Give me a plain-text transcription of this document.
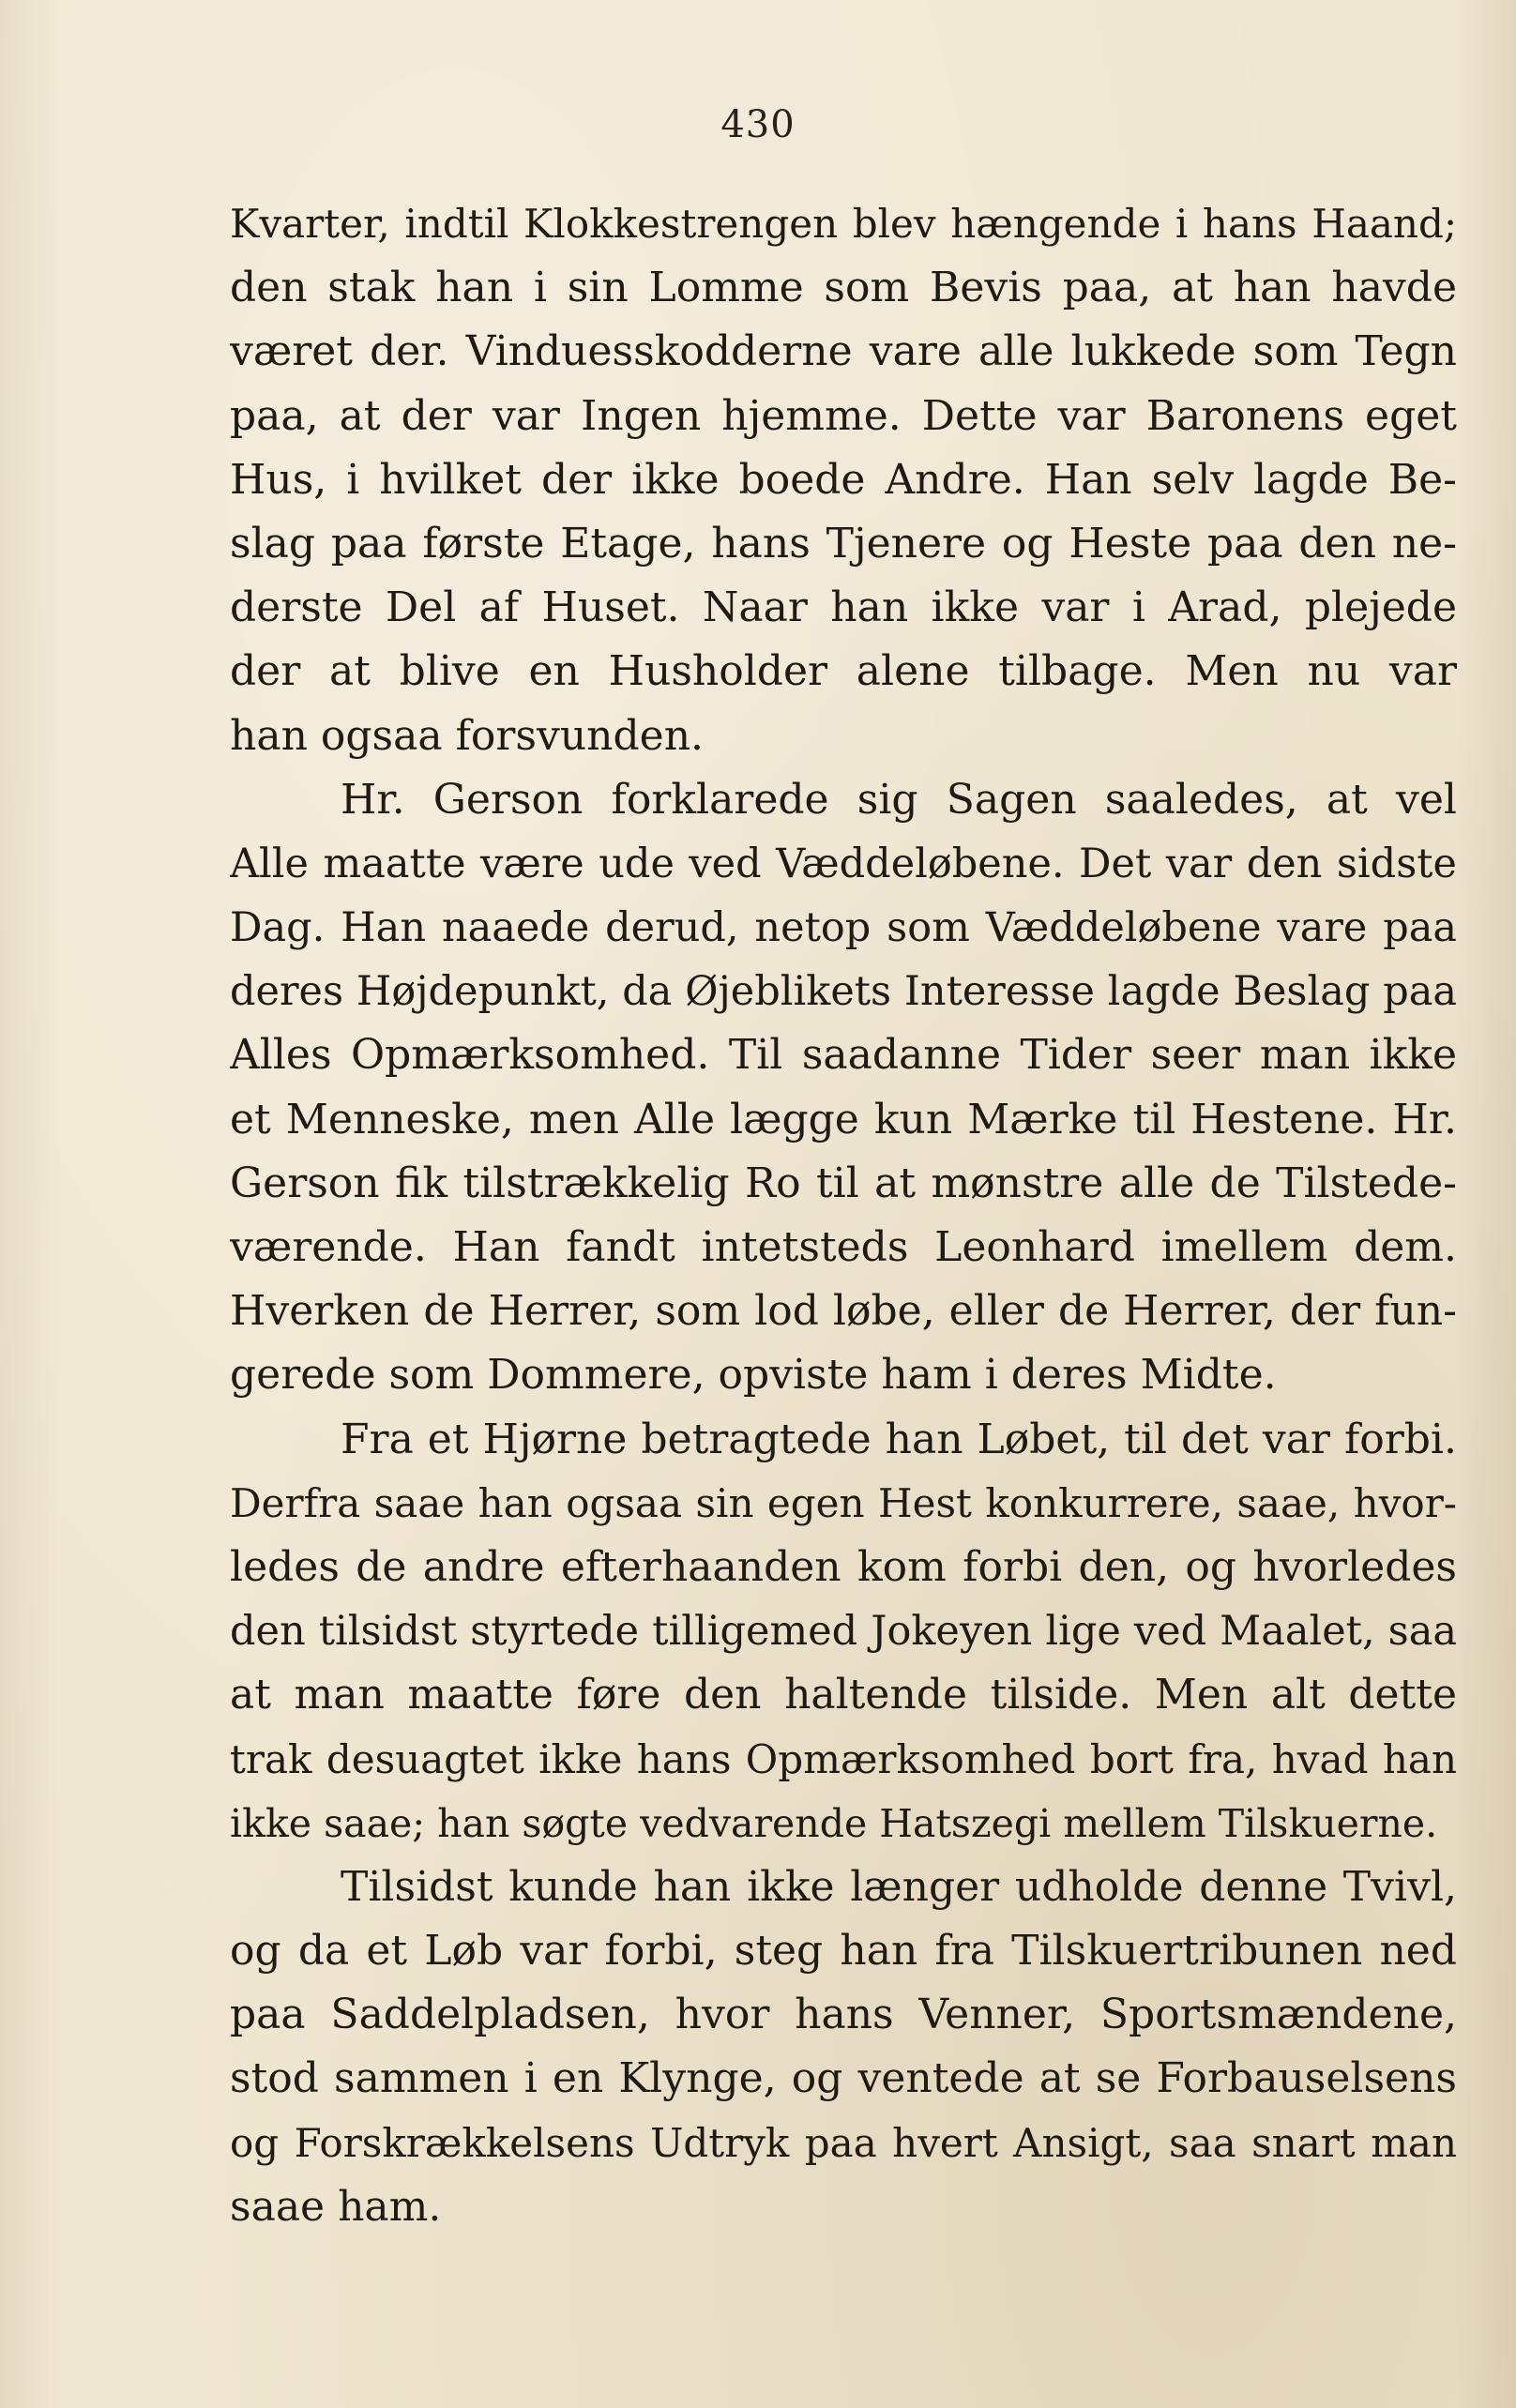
430
Kvarter, indtil Klokkestrengen blev hængende i hans Haand;
den stak han i sin Lomme som Bevis paa, at han havde
været der. Vinduesskodderne vare alle lukkede som Tegn
paa, at der var Ingen hjemme. Dette var Baronens eget
Hus, i hvilket der ikke boede Andre. Han selv lagde Be-
slag paa første Etage, hans Tjenere og Heste paa den ne-
derste Del af Huset. Naar han ikke var i Arad, plejede
der at blive en Husholder alene tilbage. Men nu var
han ogsaa forsvunden.
Hr. Gerson forklarede sig Sagen saaledes, at vel
Alle maatte være ude ved Væddeløbene. Det var den sidste
Dag. Han naaede derud, netop som Væddeløbene vare paa
deres Højdepunkt, da Øjeblikets Interesse lagde Beslag paa
Alles Opmærksomhed. Til saadanne Tider seer man ikke
et Menneske, men Alle lægge kun Mærke til Hestene. Hr.
Gerson fik tilstrækkelig Ro til at mønstre alle de Tilstede-
værende. Han fandt intetsteds Leonhard imellem dem.
Hverken de Herrer, som lod løbe, eller de Herrer, der fun-
gerede som Dommere, opviste ham i deres Midte.
Fra et Hjørne betragtede han Løbet, til det var forbi.
Derfra saae han ogsaa sin egen Hest konkurrere, saae, hvor-
ledes de andre efterhaanden kom forbi den, og hvorledes
den tilsidst styrtede tilligemed Jokeyen lige ved Maalet, saa
at man maatte føre den haltende tilside. Men alt dette
trak desuagtet ikke hans Opmærksomhed bort fra, hvad han
ikke saae; han søgte vedvarende Hatszegi mellem Tilskuerne.
Tilsidst kunde han ikke længer udholde denne Tvivl,
og da et Løb var forbi, steg han fra Tilskuertribunen ned
paa Saddelpladsen, hvor hans Venner, Sportsmændene,
stod sammen i en Klynge, og ventede at se Forbauselsens
og Forskrækkelsens Udtryk paa hvert Ansigt, saa snart man
saae ham.
